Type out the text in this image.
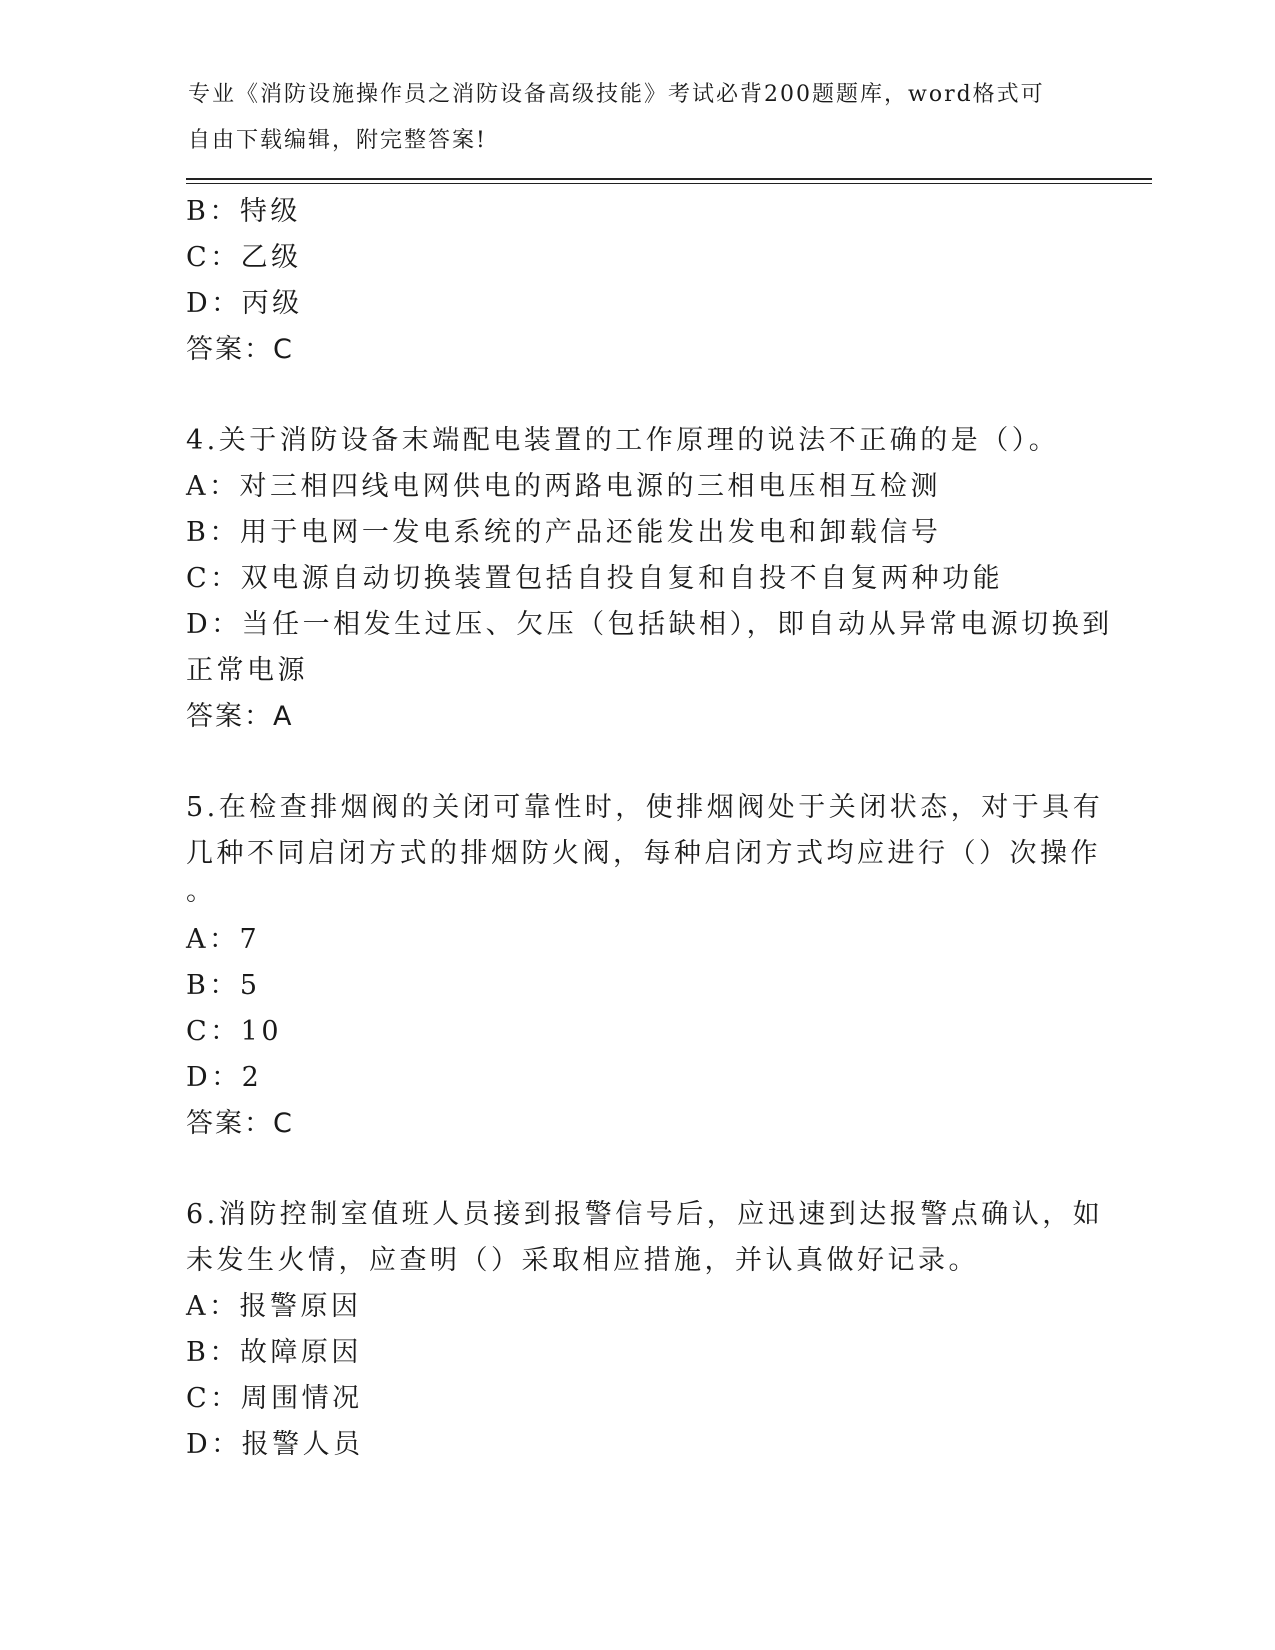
专业《消防设施操作员之消防设备高级技能》考试必背200题题库，word格式可
自由下载编辑，附完整答案!
B：特级
C：乙级
D：丙级
答案：C
4.关于消防设备末端配电装置的工作原理的说法不正确的是（）。
A：对三相四线电网供电的两路电源的三相电压相互检测
B：用于电网一发电系统的产品还能发出发电和卸载信号
C：双电源自动切换装置包括自投自复和自投不自复两种功能
D：当任一相发生过压、欠压（包括缺相），即自动从异常电源切换到
正常电源
答案：A
5.在检查排烟阀的关闭可靠性时，使排烟阀处于关闭状态，对于具有
几种不同启闭方式的排烟防火阀，每种启闭方式均应进行（）次操作
。
A：7
B：5
C：10
D：2
答案：C
6.消防控制室值班人员接到报警信号后，应迅速到达报警点确认，如
未发生火情，应查明（）采取相应措施，并认真做好记录。
A：报警原因
B：故障原因
C：周围情况
D：报警人员
